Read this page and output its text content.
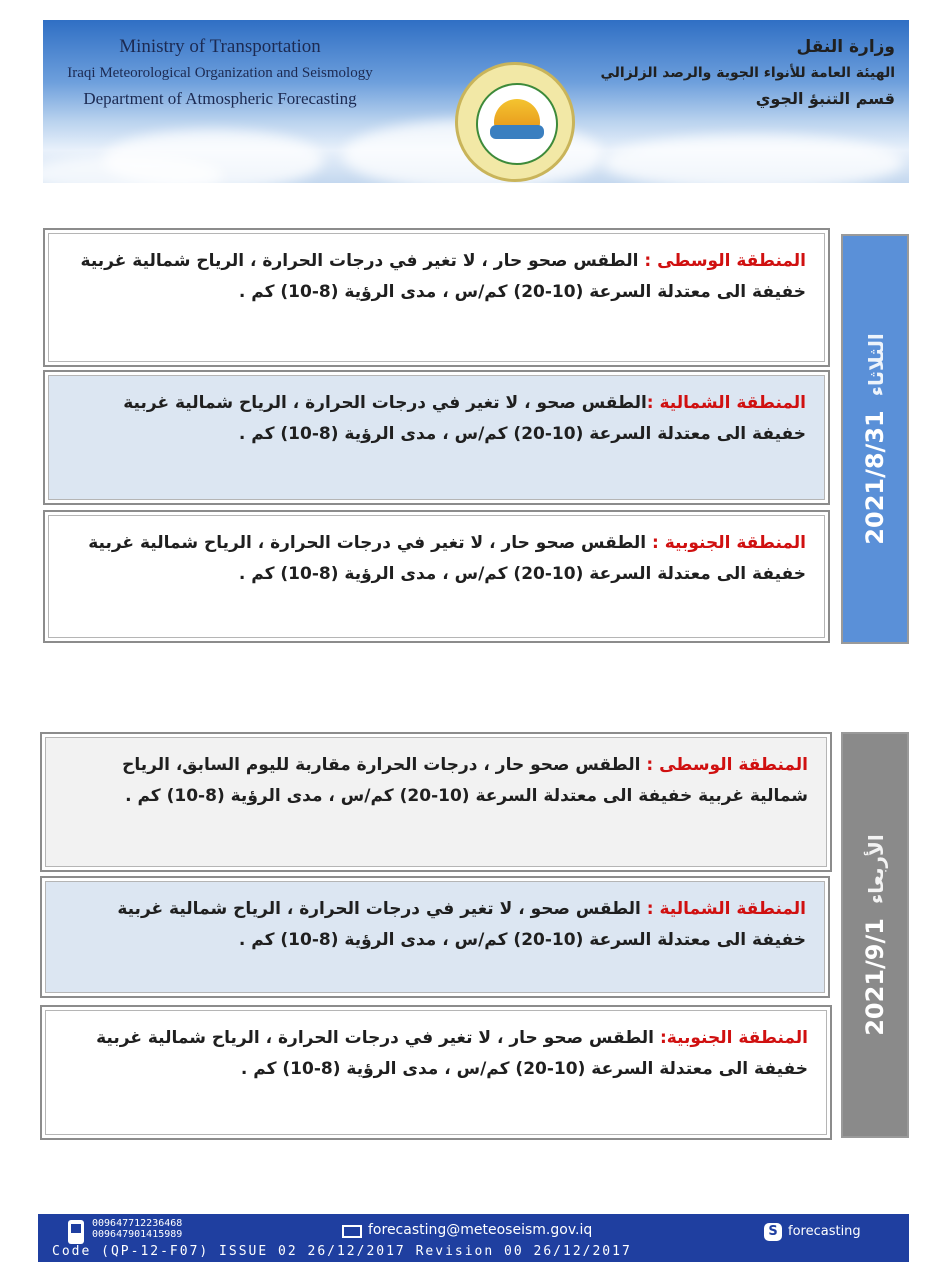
Ministry of Transportation
Iraqi Meteorological Organization and Seismology
Department of Atmospheric Forecasting
وزارة النقل
الهيئة العامة للأنواء الجوية والرصد الزلزالي
قسم التنبؤ الجوي

المنطقة الوسطى : الطقس صحو حار ، لا تغير في درجات الحرارة ، الرياح شمالية غربية خفيفة الى معتدلة السرعة (10-20) كم/س ، مدى الرؤية (8-10) كم .

المنطقة الشمالية :الطقس صحو ، لا تغير في درجات الحرارة ، الرياح شمالية غربية خفيفة الى معتدلة السرعة (10-20) كم/س ، مدى الرؤية (8-10) كم .

المنطقة الجنوبية : الطقس صحو حار ، لا تغير في درجات الحرارة ، الرياح شمالية غربية خفيفة الى معتدلة السرعة (10-20) كم/س ، مدى الرؤية (8-10) كم .

2021/8/31الثلاثاء

المنطقة الوسطى : الطقس صحو حار ، درجات الحرارة مقاربة لليوم السابق، الرياح شمالية غربية خفيفة الى معتدلة السرعة (10-20) كم/س ، مدى الرؤية (8-10) كم .

المنطقة الشمالية : الطقس صحو ، لا تغير في درجات الحرارة ، الرياح شمالية غربية خفيفة الى معتدلة السرعة (10-20) كم/س ، مدى الرؤية (8-10) كم .

المنطقة الجنوبية: الطقس صحو حار ، لا تغير في درجات الحرارة ، الرياح شمالية غربية خفيفة الى معتدلة السرعة (10-20) كم/س ، مدى الرؤية (8-10) كم .

2021/9/1الأربعاء
009647712236468
009647901415989	forecasting@meteoseism.gov.iq	S forecasting
Code (QP-12-F07) ISSUE 02 26/12/2017 Revision 00 26/12/2017
